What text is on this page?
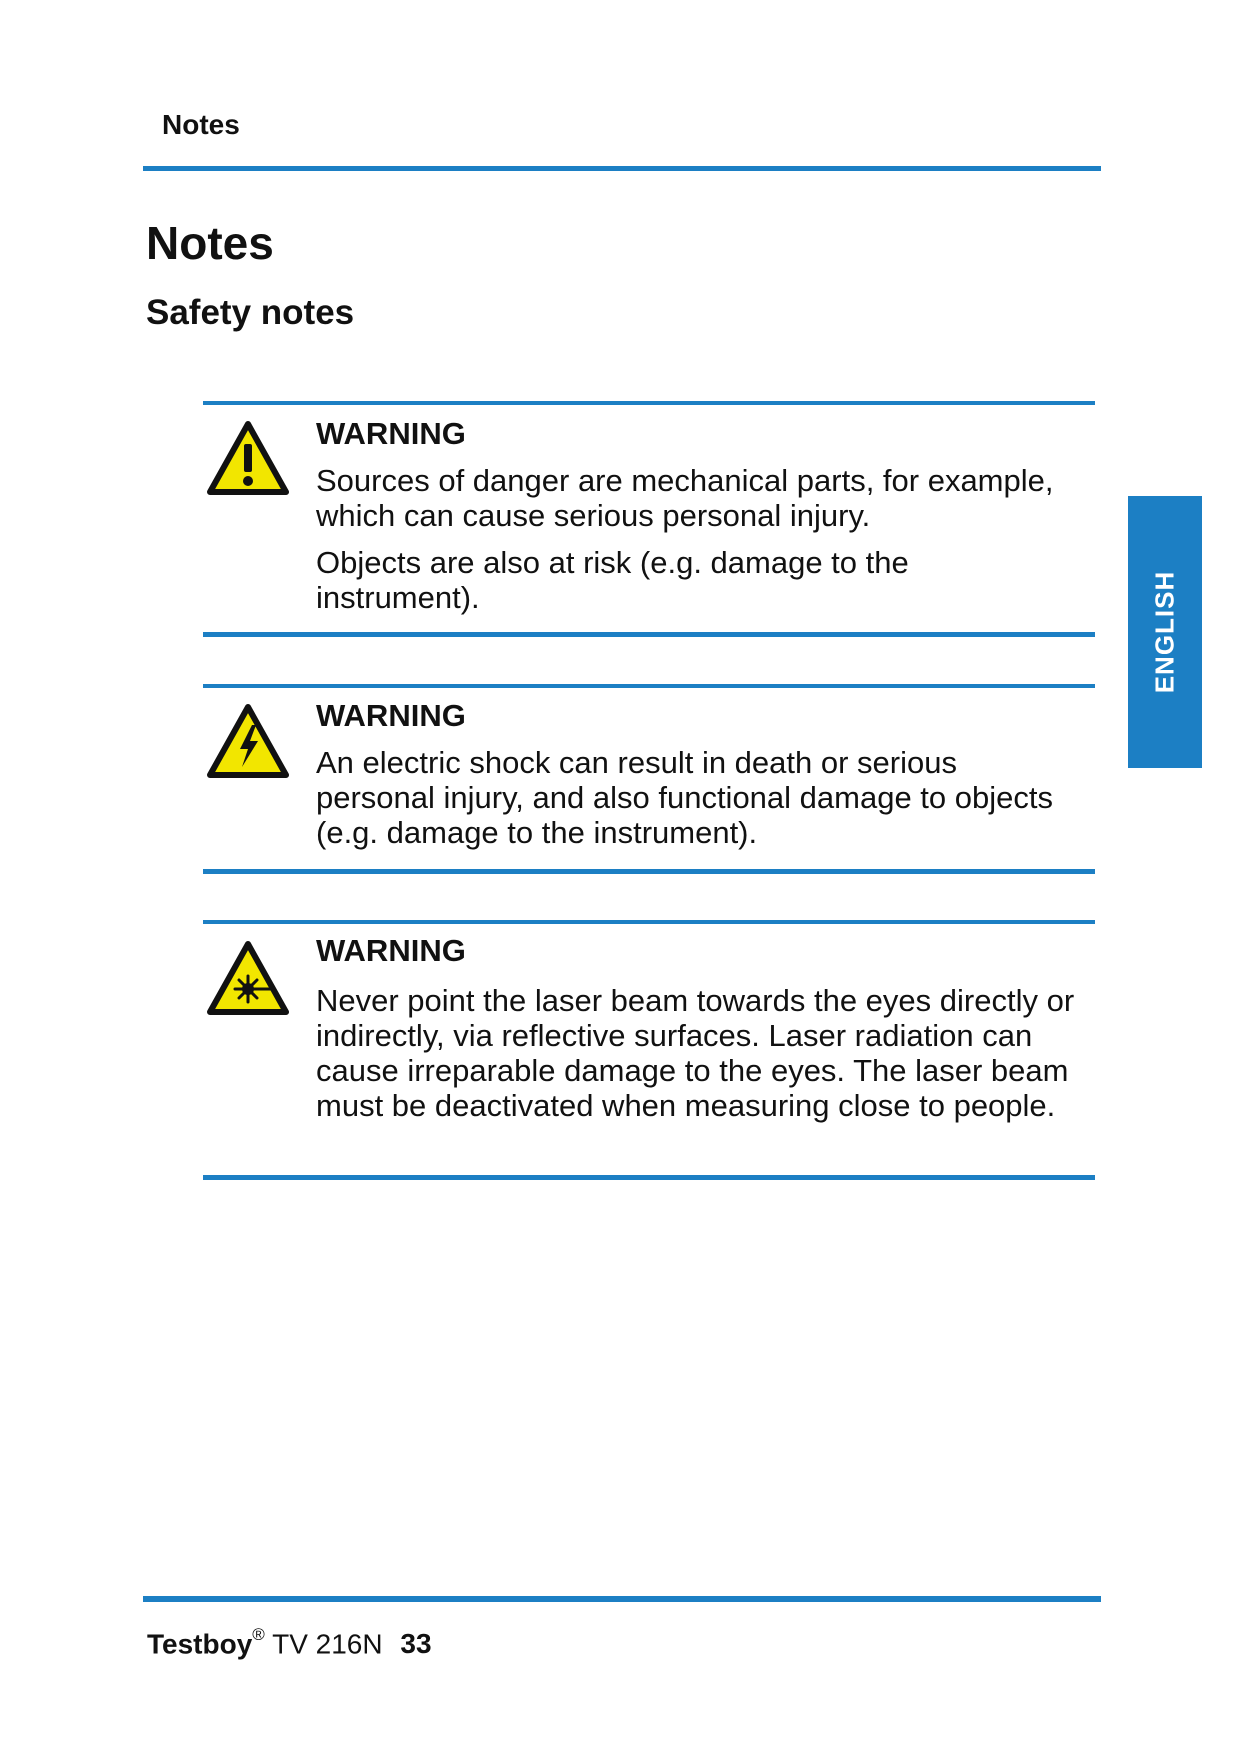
Notes
Notes
Safety notes
WARNING

Sources of danger are mechanical parts, for example, which can cause serious personal injury.

Objects are also at risk (e.g. damage to the instrument).

WARNING

An electric shock can result in death or serious personal injury, and also functional damage to objects (e.g. damage to the instrument).

WARNING

Never point the laser beam towards the eyes directly or indirectly, via reflective surfaces. Laser radiation can cause irreparable damage to the eyes. The laser beam must be deactivated when measuring close to people.

ENGLISH
Testboy® TV 216N 33
